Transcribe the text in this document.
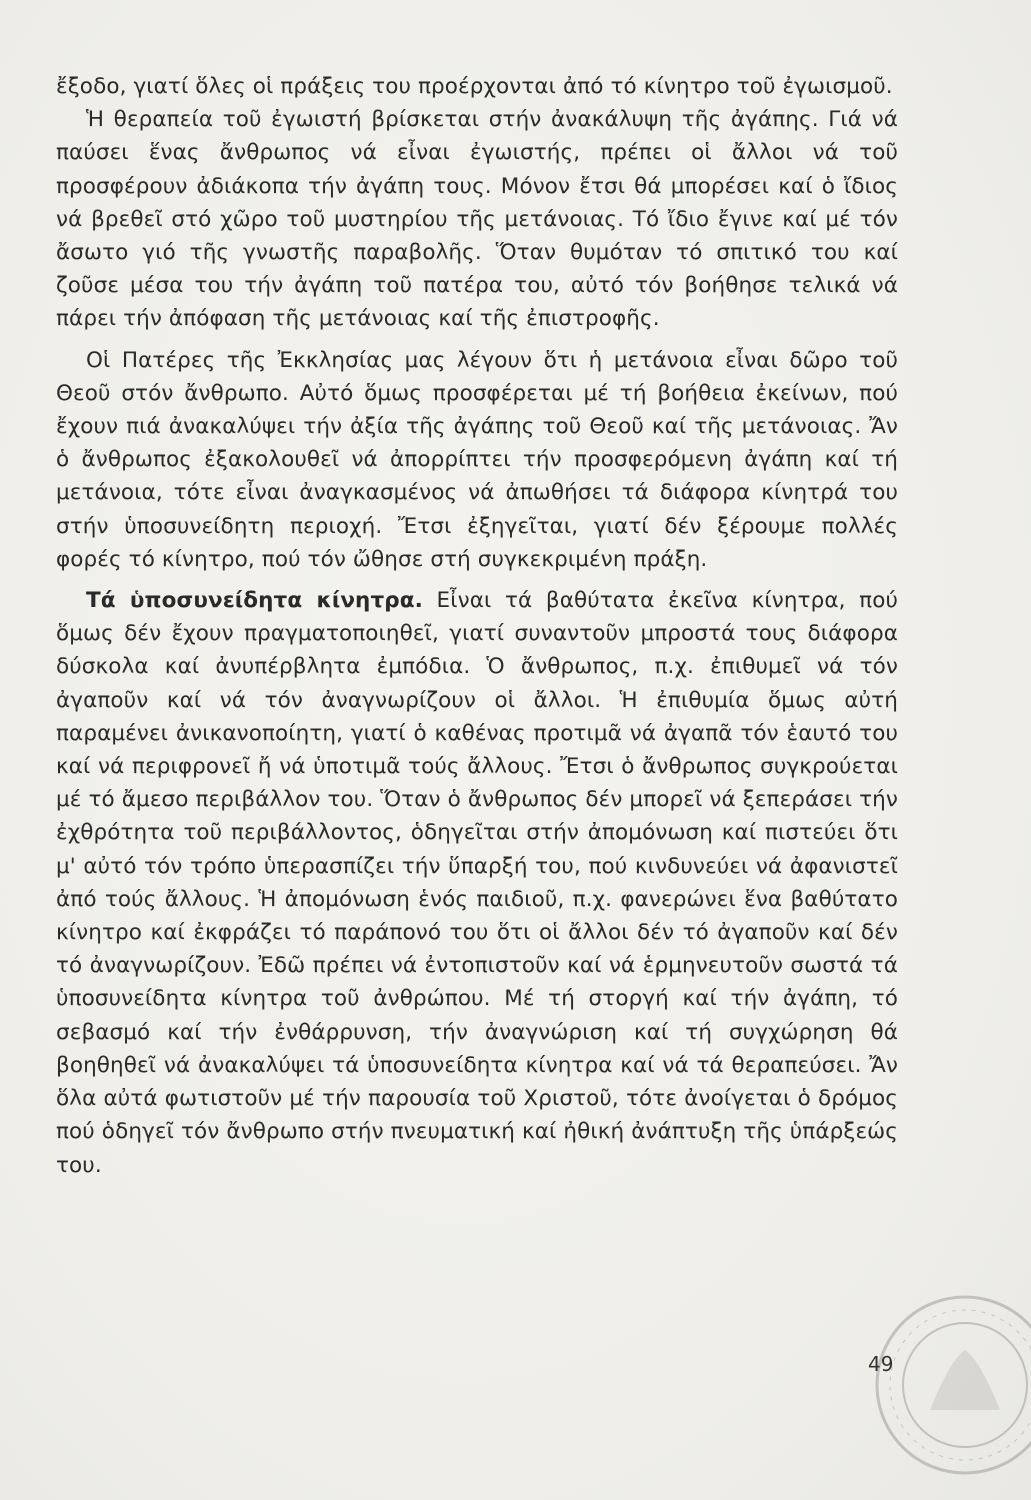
ἔξοδο, γιατί ὅλες οἱ πράξεις του προέρχονται ἀπό τό κίνητρο τοῦ ἐγωισμοῦ.

Ἡ θεραπεία τοῦ ἐγωιστή βρίσκεται στήν ἀνακάλυψη τῆς ἀγάπης. Γιά νά παύσει ἕνας ἄνθρωπος νά εἶναι ἐγωιστής, πρέπει οἱ ἄλλοι νά τοῦ προσφέρουν ἀδιάκοπα τήν ἀγάπη τους. Μόνον ἔτσι θά μπορέσει καί ὁ ἴδιος νά βρεθεῖ στό χῶρο τοῦ μυστηρίου τῆς μετάνοιας. Τό ἴδιο ἔγινε καί μέ τόν ἄσωτο γιό τῆς γνωστῆς παραβολῆς. Ὅταν θυμόταν τό σπιτικό του καί ζοῦσε μέσα του τήν ἀγάπη τοῦ πατέρα του, αὐτό τόν βοήθησε τελικά νά πάρει τήν ἀπόφαση τῆς μετάνοιας καί τῆς ἐπιστροφῆς.

Οἱ Πατέρες τῆς Ἐκκλησίας μας λέγουν ὅτι ἡ μετάνοια εἶναι δῶρο τοῦ Θεοῦ στόν ἄνθρωπο. Αὐτό ὅμως προσφέρεται μέ τή βοήθεια ἐκείνων, πού ἔχουν πιά ἀνακαλύψει τήν ἀξία τῆς ἀγάπης τοῦ Θεοῦ καί τῆς μετάνοιας. Ἄν ὁ ἄνθρωπος ἐξακολουθεῖ νά ἀπορρίπτει τήν προσφερόμενη ἀγάπη καί τή μετάνοια, τότε εἶναι ἀναγκασμένος νά ἀπωθήσει τά διάφορα κίνητρά του στήν ὑποσυνείδητη περιοχή. Ἔτσι ἐξηγεῖται, γιατί δέν ξέρουμε πολλές φορές τό κίνητρο, πού τόν ὤθησε στή συγκεκριμένη πράξη.

Τά ὑποσυνείδητα κίνητρα. Εἶναι τά βαθύτατα ἐκεῖνα κίνητρα, πού ὅμως δέν ἔχουν πραγματοποιηθεῖ, γιατί συναντοῦν μπροστά τους διάφορα δύσκολα καί ἀνυπέρβλητα ἐμπόδια. Ὁ ἄνθρωπος, π.χ. ἐπιθυμεῖ νά τόν ἀγαποῦν καί νά τόν ἀναγνωρίζουν οἱ ἄλλοι. Ἡ ἐπιθυμία ὅμως αὐτή παραμένει ἀνικανοποίητη, γιατί ὁ καθένας προτιμᾶ νά ἀγαπᾶ τόν ἑαυτό του καί νά περιφρονεῖ ἤ νά ὑποτιμᾶ τούς ἄλλους. Ἔτσι ὁ ἄνθρωπος συγκρούεται μέ τό ἄμεσο περιβάλλον του. Ὅταν ὁ ἄνθρωπος δέν μπορεῖ νά ξεπεράσει τήν ἐχθρότητα τοῦ περιβάλλοντος, ὁδηγεῖται στήν ἀπομόνωση καί πιστεύει ὅτι μ' αὐτό τόν τρόπο ὑπερασπίζει τήν ὕπαρξή του, πού κινδυνεύει νά ἀφανιστεῖ ἀπό τούς ἄλλους. Ἡ ἀπομόνωση ἑνός παιδιοῦ, π.χ. φανερώνει ἕνα βαθύτατο κίνητρο καί ἐκφράζει τό παράπονό του ὅτι οἱ ἄλλοι δέν τό ἀγαποῦν καί δέν τό ἀναγνωρίζουν. Ἐδῶ πρέπει νά ἐντοπιστοῦν καί νά ἑρμηνευτοῦν σωστά τά ὑποσυνείδητα κίνητρα τοῦ ἀνθρώπου. Μέ τή στοργή καί τήν ἀγάπη, τό σεβασμό καί τήν ἐνθάρρυνση, τήν ἀναγνώριση καί τή συγχώρηση θά βοηθηθεῖ νά ἀνακαλύψει τά ὑποσυνείδητα κίνητρα καί νά τά θεραπεύσει. Ἄν ὅλα αὐτά φωτιστοῦν μέ τήν παρουσία τοῦ Χριστοῦ, τότε ἀνοίγεται ὁ δρόμος πού ὁδηγεῖ τόν ἄνθρωπο στήν πνευματική καί ἠθική ἀνάπτυξη τῆς ὑπάρξεώς του.

49
